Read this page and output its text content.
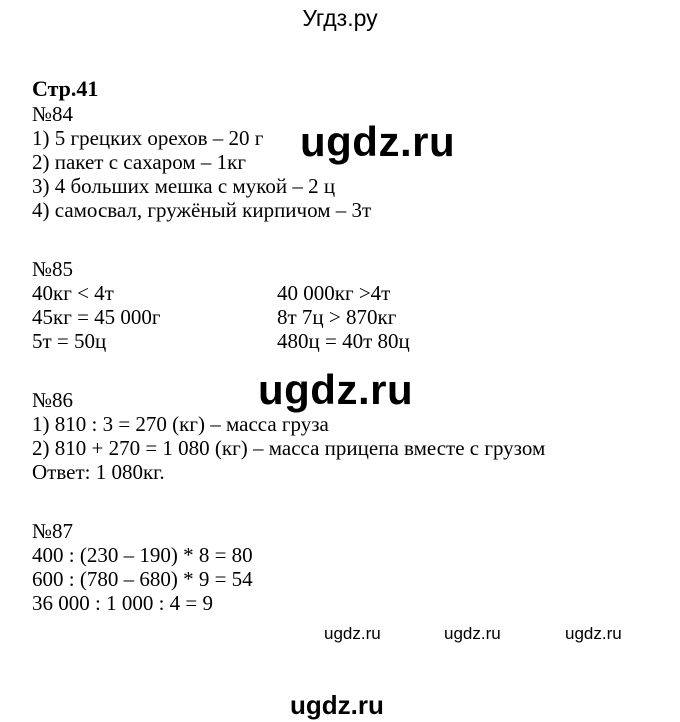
Угдз.ру
Стр.41
№84
1) 5 грецких орехов – 20 г
2) пакет с сахаром – 1кг
3) 4 больших мешка с мукой – 2 ц
4) самосвал, гружёный кирпичом – 3т
№85
40кг < 4т
45кг = 45 000г
5т = 50ц
40 000кг >4т
8т 7ц > 870кг
480ц = 40т 80ц
№86
1) 810 : 3 = 270 (кг) – масса груза
2) 810 + 270 = 1 080 (кг) – масса прицепа вместе с грузом
Ответ: 1 080кг.
№87
400 : (230 – 190) * 8 = 80
600 : (780 – 680) * 9 = 54
36 000 : 1 000 : 4 = 9
ugdz.ru
ugdz.ru
ugdz.ru	ugdz.ru	ugdz.ru
ugdz.ru
